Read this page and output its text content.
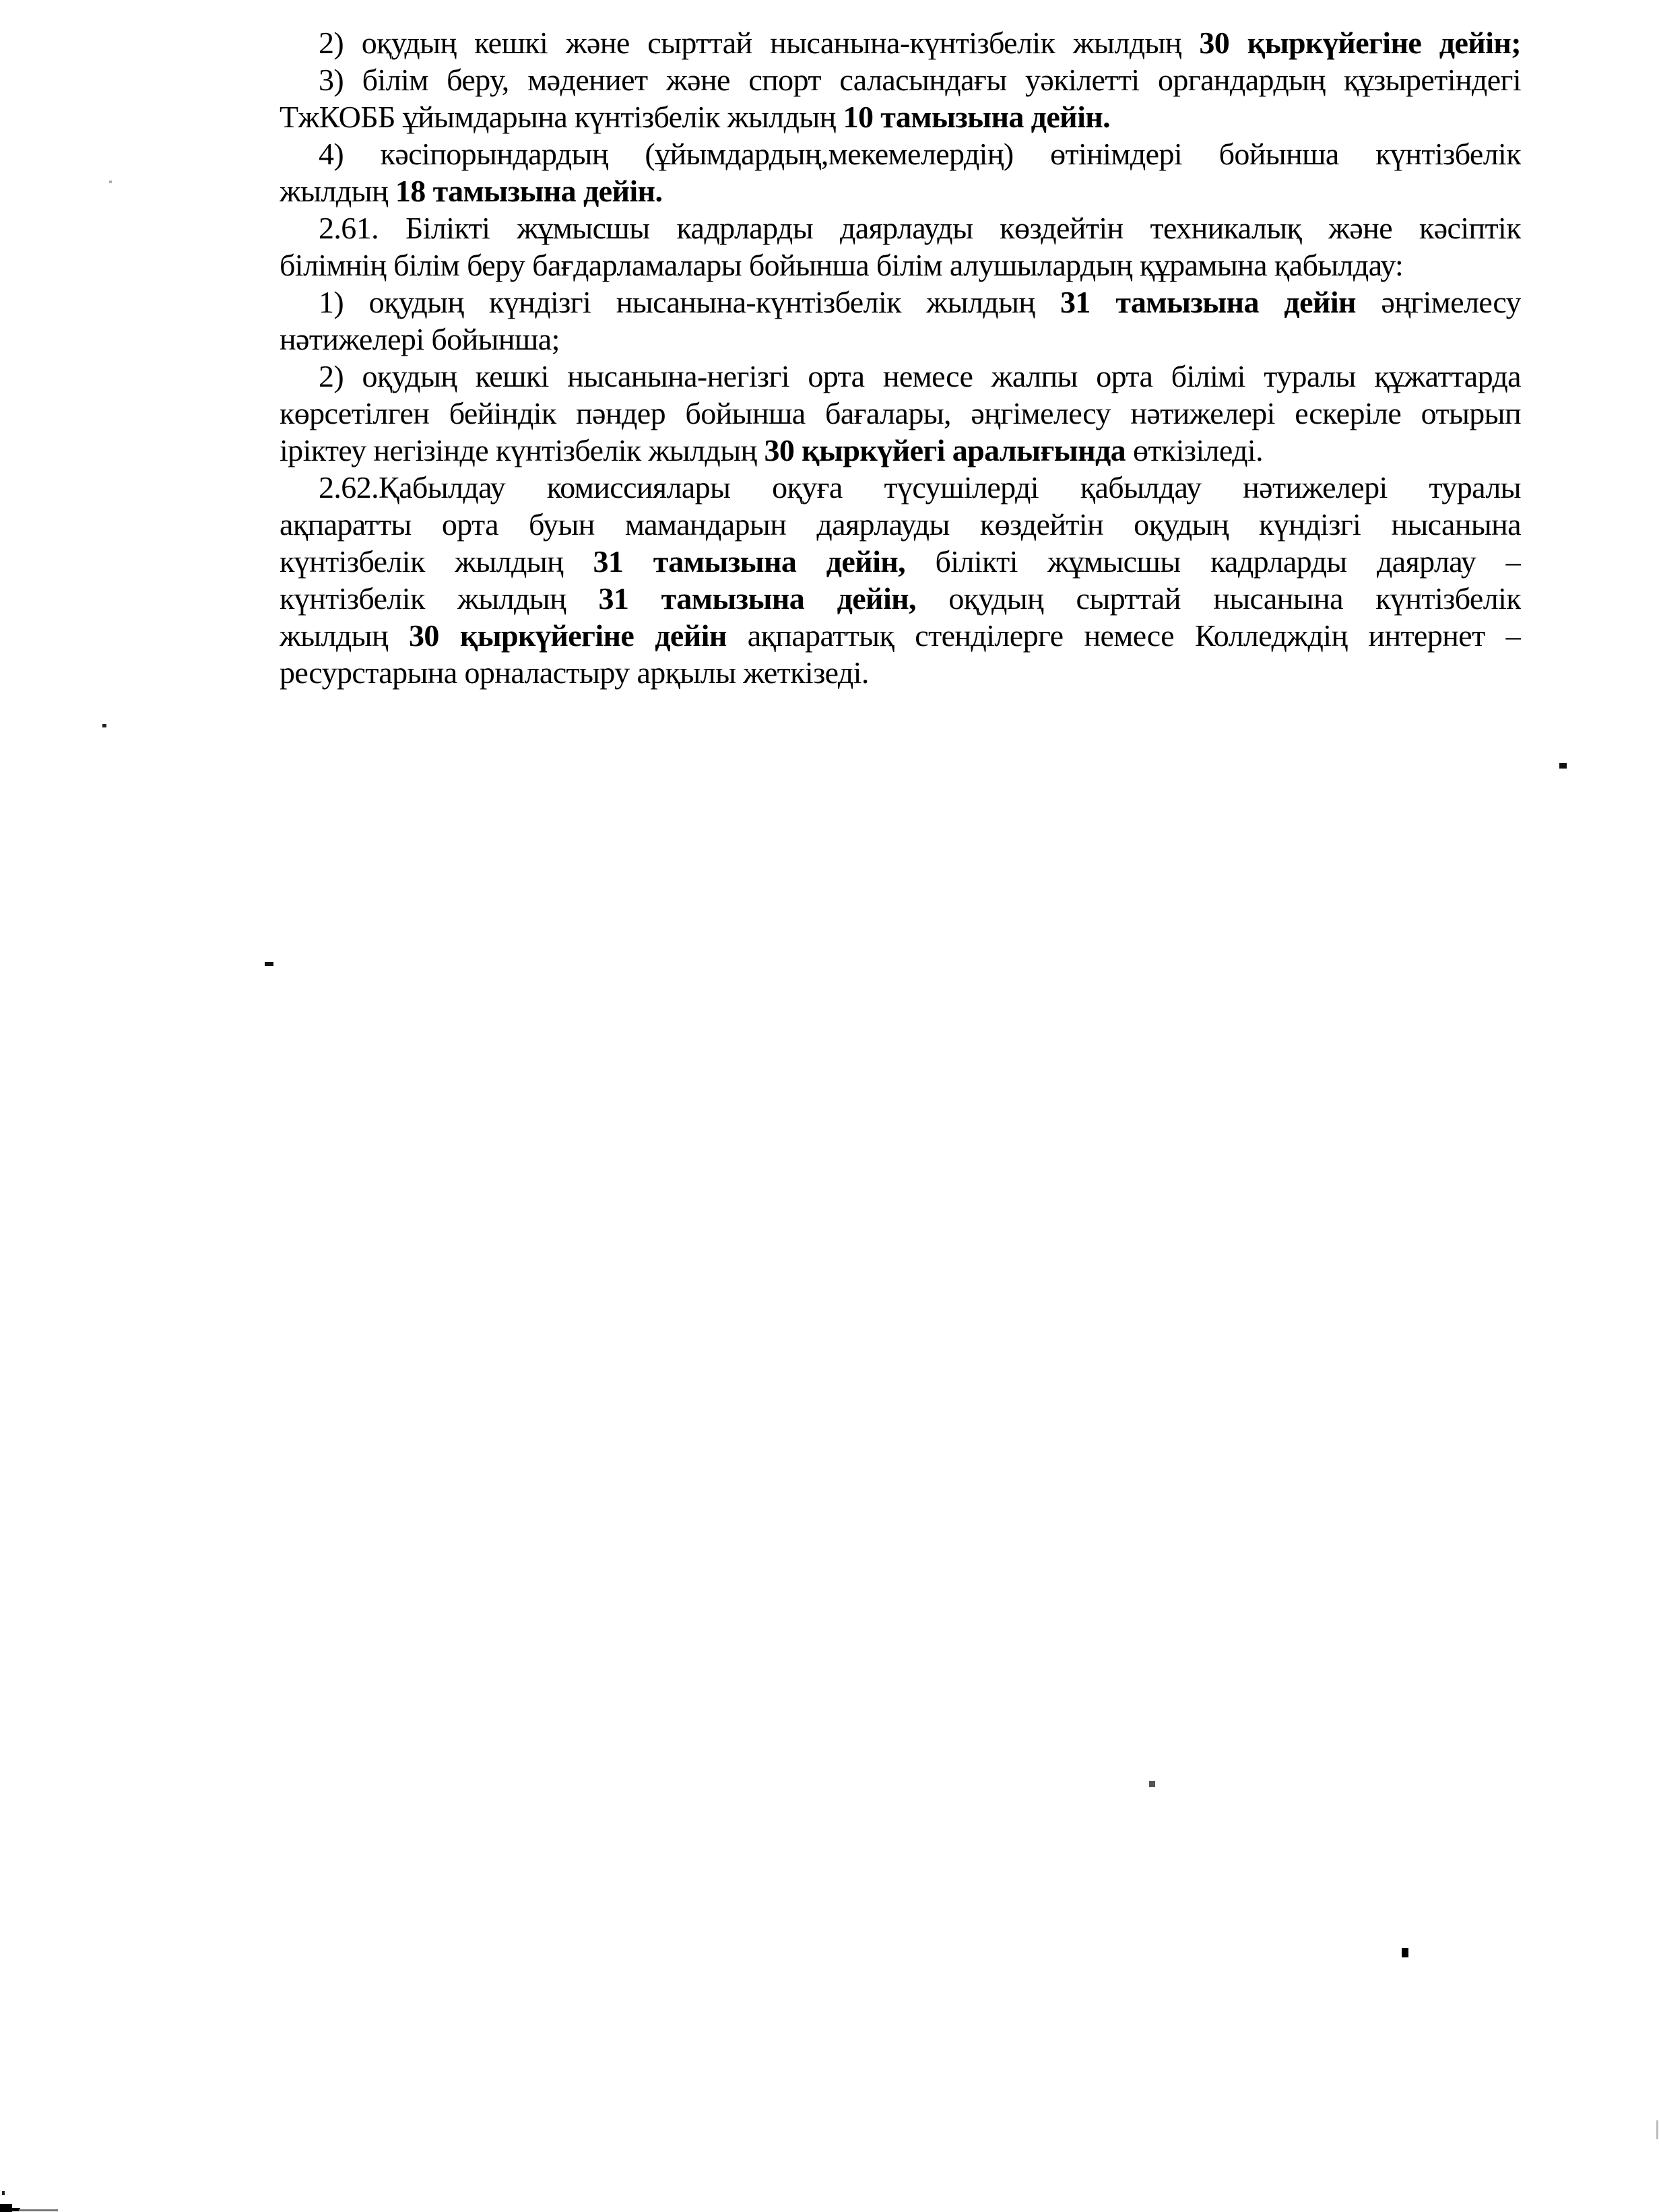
2) оқудың кешкі және сырттай нысанына-күнтізбелік жылдың 30 қыркүйегіне дейін;
3) білім беру, мәдениет және спорт саласындағы уәкілетті органдардың құзыретіндегі
ТжКОББ ұйымдарына күнтізбелік жылдың 10 тамызына дейін.
4) кәсіпорындардың (ұйымдардың,мекемелердің) өтінімдері бойынша күнтізбелік
жылдың 18 тамызына дейін.
2.61. Білікті жұмысшы кадрларды даярлауды көздейтін техникалық және кәсіптік
білімнің білім беру бағдарламалары бойынша білім алушылардың құрамына қабылдау:
1) оқудың күндізгі нысанына-күнтізбелік жылдың 31 тамызына дейін әңгімелесу
нәтижелері бойынша;
2) оқудың кешкі нысанына-негізгі орта немесе жалпы орта білімі туралы құжаттарда
көрсетілген бейіндік пәндер бойынша бағалары, әңгімелесу нәтижелері ескеріле отырып
іріктеу негізінде күнтізбелік жылдың 30 қыркүйегі аралығында өткізіледі.
2.62.Қабылдау комиссиялары оқуға түсушілерді қабылдау нәтижелері туралы
ақпаратты орта буын мамандарын даярлауды көздейтін оқудың күндізгі нысанына
күнтізбелік жылдың 31 тамызына дейін, білікті жұмысшы кадрларды даярлау –
күнтізбелік жылдың 31 тамызына дейін, оқудың сырттай нысанына күнтізбелік
жылдың 30 қыркүйегіне дейін ақпараттық стенділерге немесе Колледждің интернет –
ресурстарына орналастыру арқылы жеткізеді.
